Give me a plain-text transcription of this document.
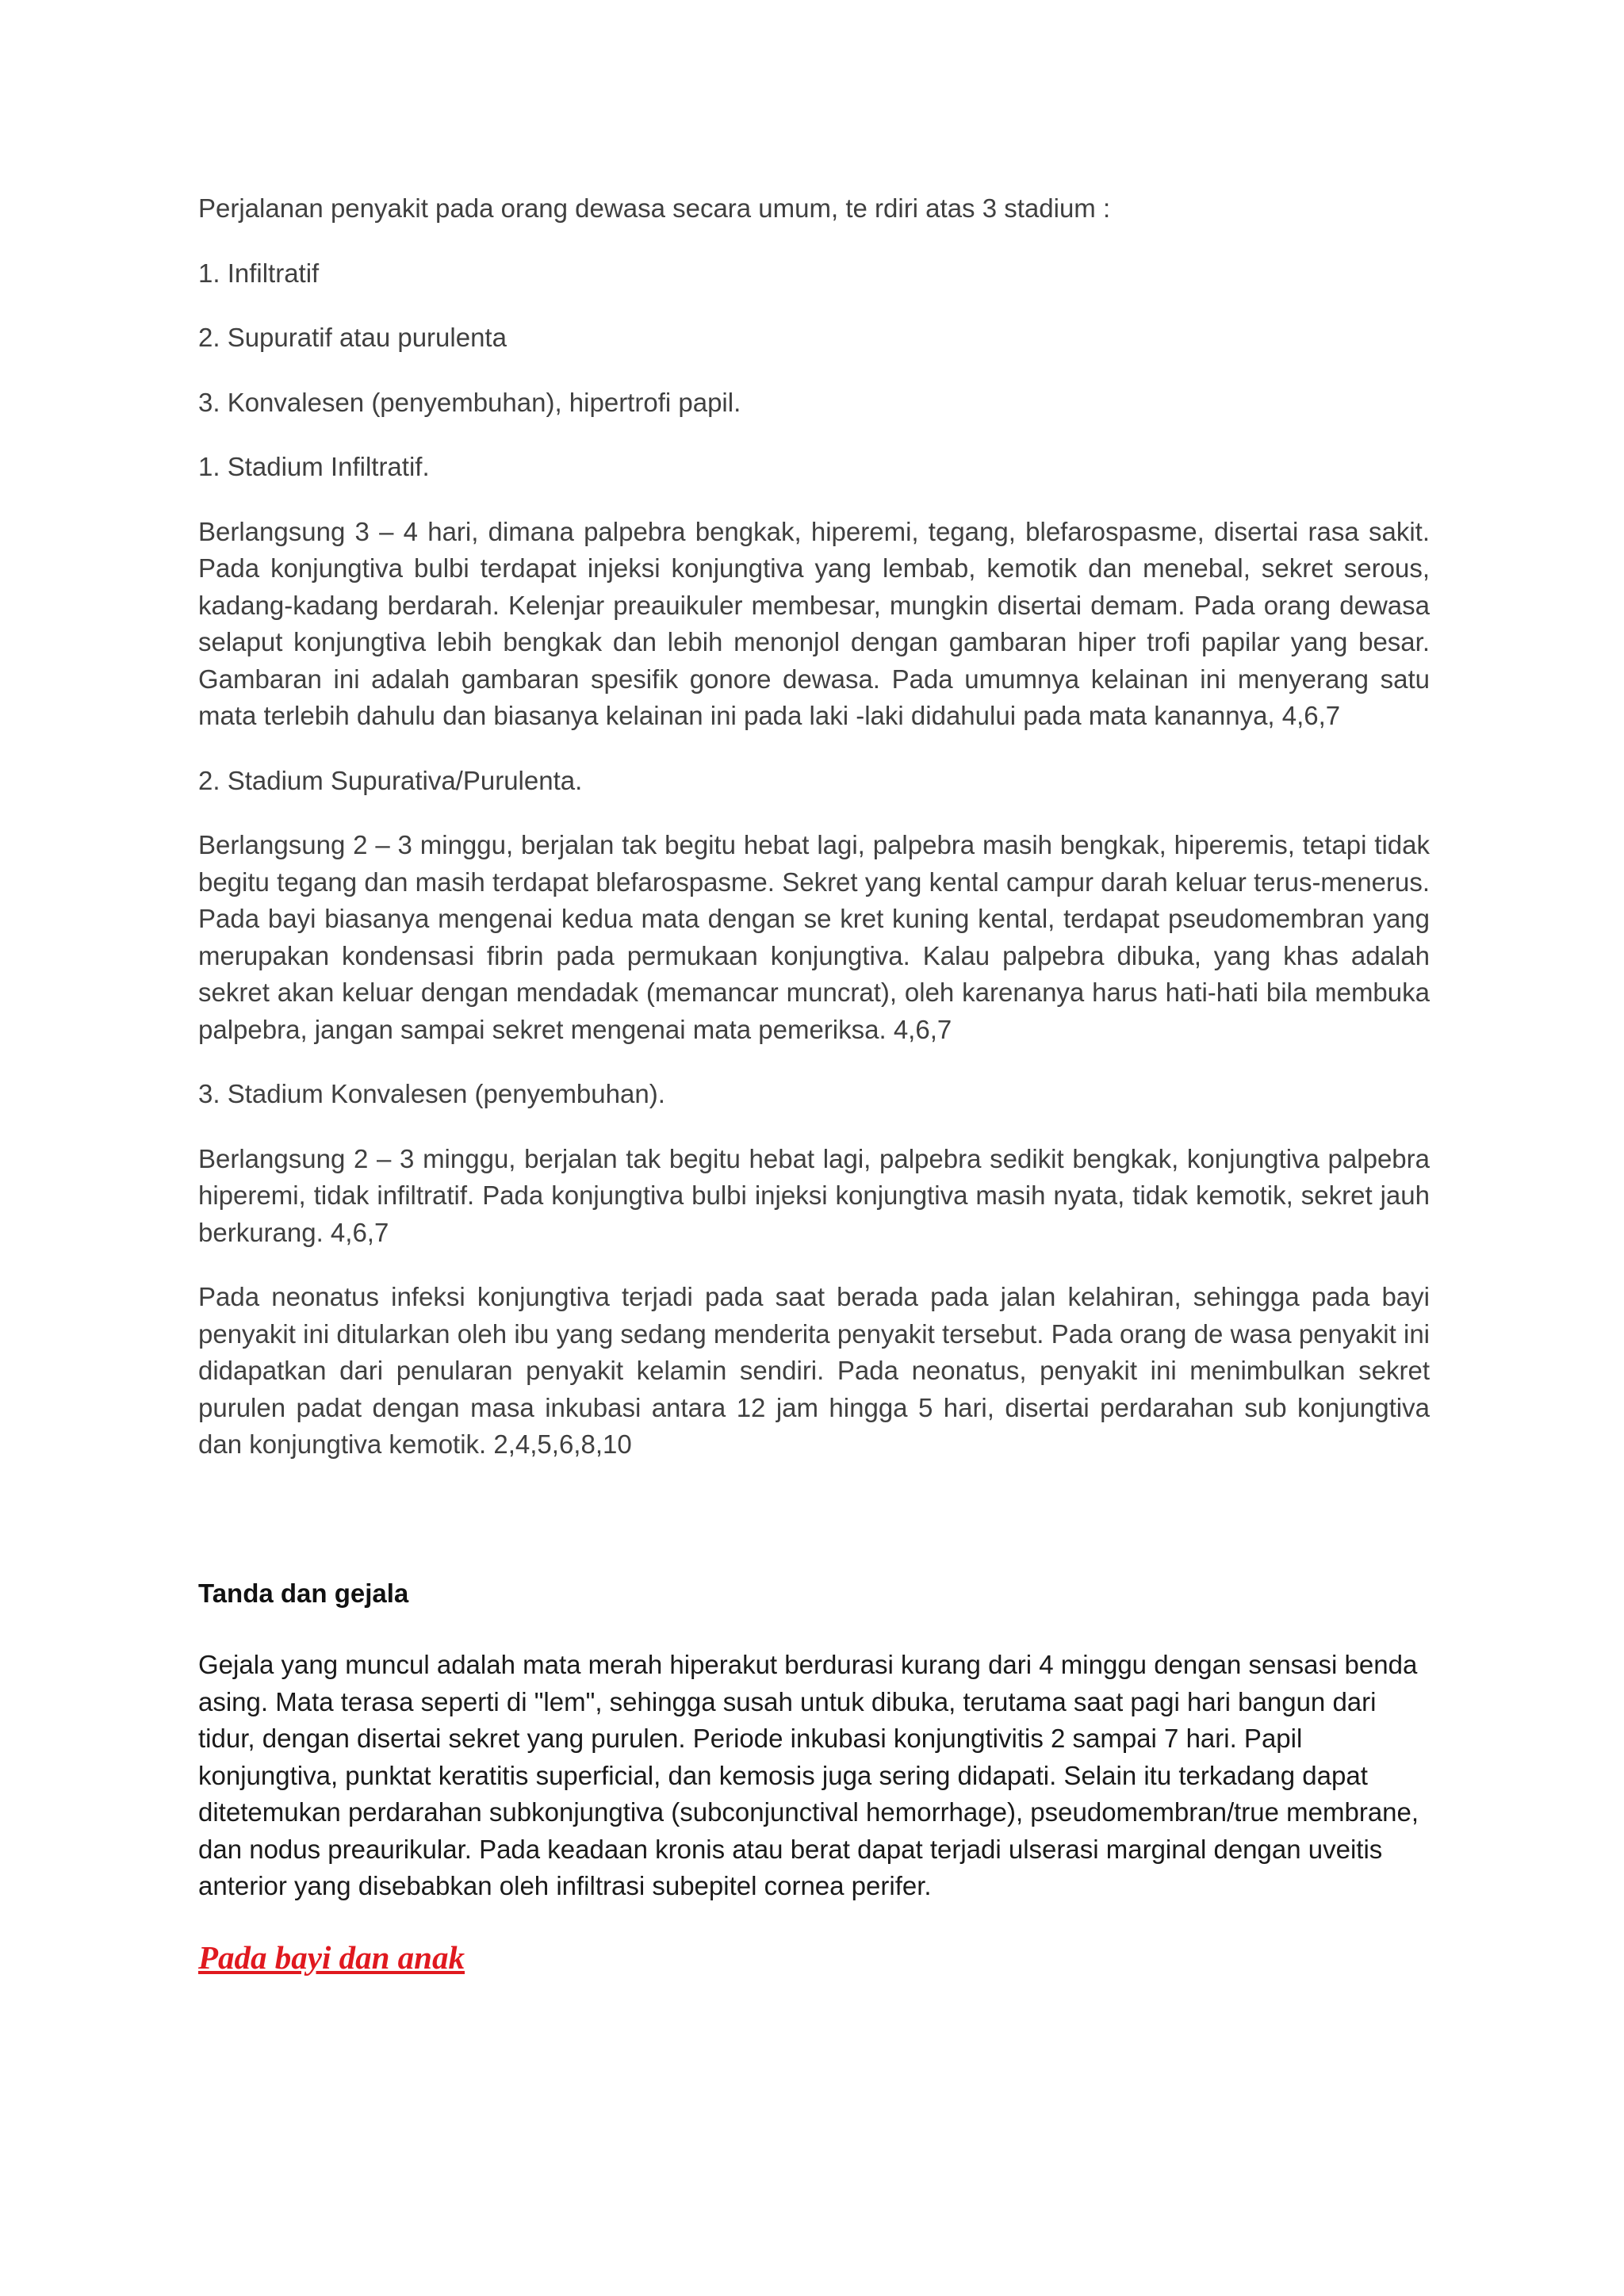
Perjalanan penyakit pada orang dewasa secara umum, te rdiri atas 3 stadium :

1. Infiltratif

2. Supuratif atau purulenta

3. Konvalesen (penyembuhan), hipertrofi papil.

1. Stadium Infiltratif.

Berlangsung 3 – 4 hari, dimana palpebra bengkak, hiperemi, tegang, blefarospasme, disertai rasa sakit. Pada konjungtiva bulbi terdapat injeksi konjungtiva yang lembab, kemotik dan menebal, sekret serous, kadang-kadang berdarah. Kelenjar preauikuler membesar, mungkin disertai demam. Pada orang dewasa selaput konjungtiva lebih bengkak dan lebih menonjol dengan gambaran hiper trofi papilar yang besar. Gambaran ini adalah gambaran spesifik gonore dewasa. Pada umumnya kelainan ini menyerang satu mata terlebih dahulu dan biasanya kelainan ini pada laki -laki didahului pada mata kanannya, 4,6,7

2. Stadium Supurativa/Purulenta.

Berlangsung 2 – 3 minggu, berjalan tak begitu hebat lagi, palpebra masih bengkak, hiperemis, tetapi tidak begitu tegang dan masih terdapat blefarospasme. Sekret yang kental campur darah keluar terus-menerus. Pada bayi biasanya mengenai kedua mata dengan se kret kuning kental, terdapat pseudomembran yang merupakan kondensasi fibrin pada permukaan konjungtiva. Kalau palpebra dibuka, yang khas adalah sekret akan keluar dengan mendadak (memancar muncrat), oleh karenanya harus hati-hati bila membuka palpebra, jangan sampai sekret mengenai mata pemeriksa. 4,6,7

3. Stadium Konvalesen (penyembuhan).

Berlangsung 2 – 3 minggu, berjalan tak begitu hebat lagi, palpebra sedikit bengkak, konjungtiva palpebra hiperemi, tidak infiltratif. Pada konjungtiva bulbi injeksi konjungtiva masih nyata, tidak kemotik, sekret jauh berkurang. 4,6,7

Pada neonatus infeksi konjungtiva terjadi pada saat berada pada jalan kelahiran, sehingga pada bayi penyakit ini ditularkan oleh ibu yang sedang menderita penyakit tersebut. Pada orang de wasa penyakit ini didapatkan dari penularan penyakit kelamin sendiri. Pada neonatus, penyakit ini menimbulkan sekret purulen padat dengan masa inkubasi antara 12 jam hingga 5 hari, disertai perdarahan sub konjungtiva dan konjungtiva kemotik. 2,4,5,6,8,10

Tanda dan gejala

Gejala yang muncul adalah mata merah hiperakut berdurasi kurang dari 4 minggu dengan sensasi benda asing. Mata terasa seperti di "lem", sehingga susah untuk dibuka, terutama saat pagi hari bangun dari tidur, dengan disertai sekret yang purulen. Periode inkubasi konjungtivitis 2 sampai 7 hari. Papil konjungtiva, punktat keratitis superficial, dan kemosis juga sering didapati. Selain itu terkadang dapat ditetemukan perdarahan subkonjungtiva (subconjunctival hemorrhage), pseudomembran/true membrane, dan nodus preaurikular. Pada keadaan kronis atau berat dapat terjadi ulserasi marginal dengan uveitis anterior yang disebabkan oleh infiltrasi subepitel cornea perifer.

Pada bayi dan anak
